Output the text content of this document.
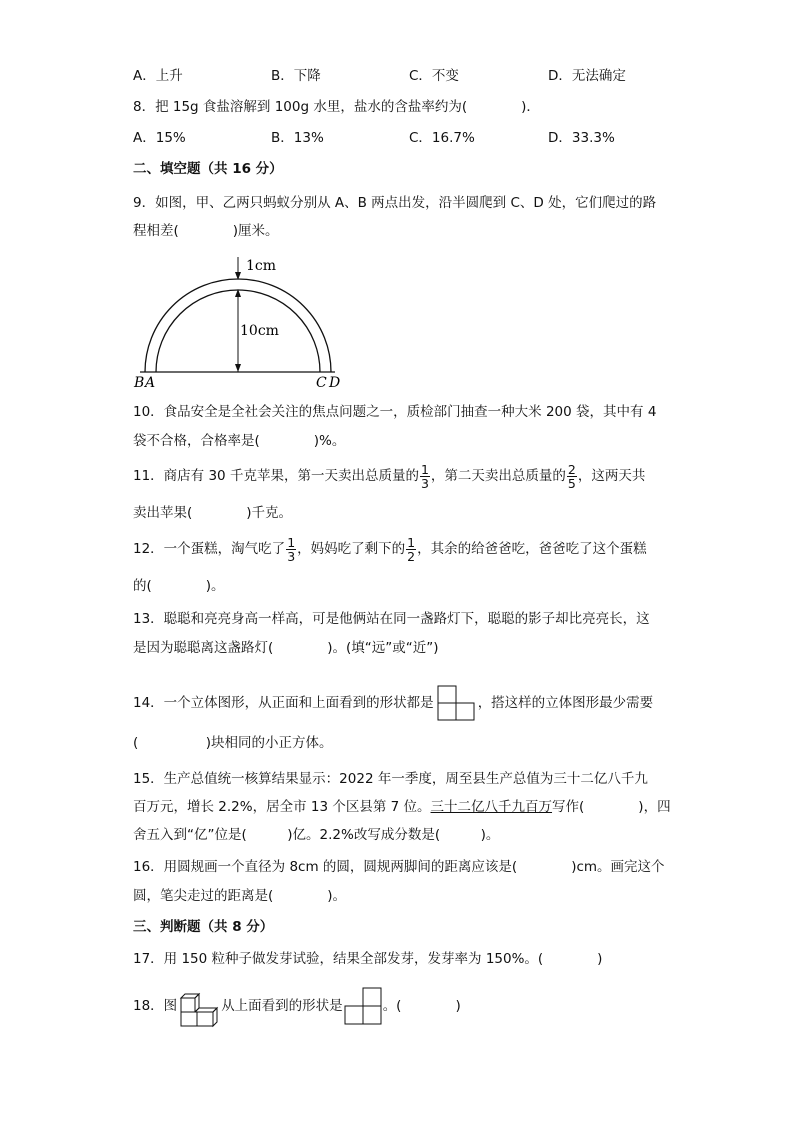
A．上升	B．下降	C．不变	D．无法确定
8．把 15g 食盐溶解到 100g 水里，盐水的含盐率约为(　　　　)．
A．15%	B．13%	C．16.7%	D．33.3%
二、填空题（共 16 分）
9．如图，甲、乙两只蚂蚁分别从 A、B 两点出发，沿半圆爬到 C、D 处，它们爬过的路
程相差(　　　　)厘米。
1cm
10cm
B A	C D
10．食品安全是全社会关注的焦点问题之一，质检部门抽查一种大米 200 袋，其中有 4
袋不合格，合格率是(　　　　)%。
11．商店有 30 千克苹果，第一天卖出总质量的 $\frac{1}{3}$ ，第二天卖出总质量的 $\frac{2}{5}$ ，这两天共
卖出苹果(　　　　)千克。
12．一个蛋糕，淘气吃了 $\frac{1}{3}$ ，妈妈吃了剩下的 $\frac{1}{2}$ ，其余的给爸爸吃，爸爸吃了这个蛋糕
的(　　　　)。
13．聪聪和亮亮身高一样高，可是他俩站在同一盏路灯下，聪聪的影子却比亮亮长，这
是因为聪聪离这盏路灯(　　　　)。(填“远”或“近”)
14．一个立体图形，从正面和上面看到的形状都是	，搭这样的立体图形最少需要
(　　　　　)块相同的小正方体。
15．生产总值统一核算结果显示：2022 年一季度，周至县生产总值为三十二亿八千九
百万元，增长 2.2%，居全市 13 个区县第 7 位。三十二亿八千九百万写作(　　　　)，四
舍五入到“亿”位是(　　　)亿。2.2%改写成分数是(　　　)。
16．用圆规画一个直径为 8cm 的圆，圆规两脚间的距离应该是(　　　　)cm。画完这个
圆，笔尖走过的距离是(　　　　)。
三、判断题（共 8 分）
17．用 150 粒种子做发芽试验，结果全部发芽，发芽率为 150%。(　　　　)
18．图	从上面看到的形状是	。(　　　　)
